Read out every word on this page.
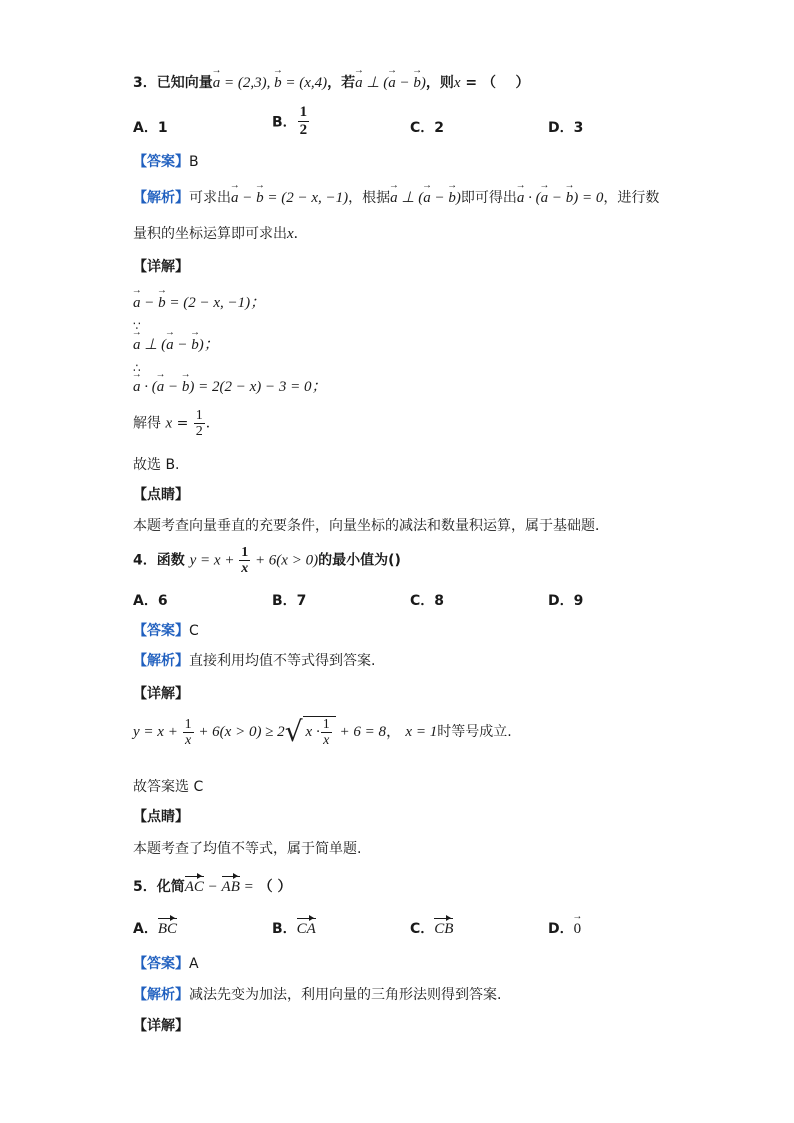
3．已知向量→ a = (2,3), → b = (x,4)，若→ a ⊥ (→ a − → b)，则x = （    ）
A．1	B． $\frac{1}{2}$	C．2	D．3
【答案】B
【解析】可求出→ a − → b = (2 − x, −1)，根据→ a ⊥ (→ a − → b)即可得出→ a · (→ a − → b) = 0，进行数
量积的坐标运算即可求出x．
【详解】
→ a − → b = (2 − x, −1)；
∵
→ a ⊥ (→ a − → b)；
∴
→ a · (→ a − → b) = 2(2 − x) − 3 = 0；
解得 $x = \frac{1}{2}$ ．
故选 B.
【点睛】
本题考查向量垂直的充要条件，向量坐标的减法和数量积运算，属于基础题．
4．函数 $y = x + \frac{1}{x} + 6(x > 0)$的最小值为()
A．6	B．7	C．8	D．9
【答案】C
【解析】直接利用均值不等式得到答案.
【详解】
$y = x + \frac{1}{x} + 6(x > 0) \ge 2$ √ $x \cdot \frac{1}{x} + 6 = 8$， x = 1时等号成立.
故答案选 C
【点睛】
本题考查了均值不等式，属于简单题.
5．化简AC − AB = （ ）
A．BC	B．CA	C．CB	D．→ 0
【答案】A
【解析】减法先变为加法，利用向量的三角形法则得到答案.
【详解】
